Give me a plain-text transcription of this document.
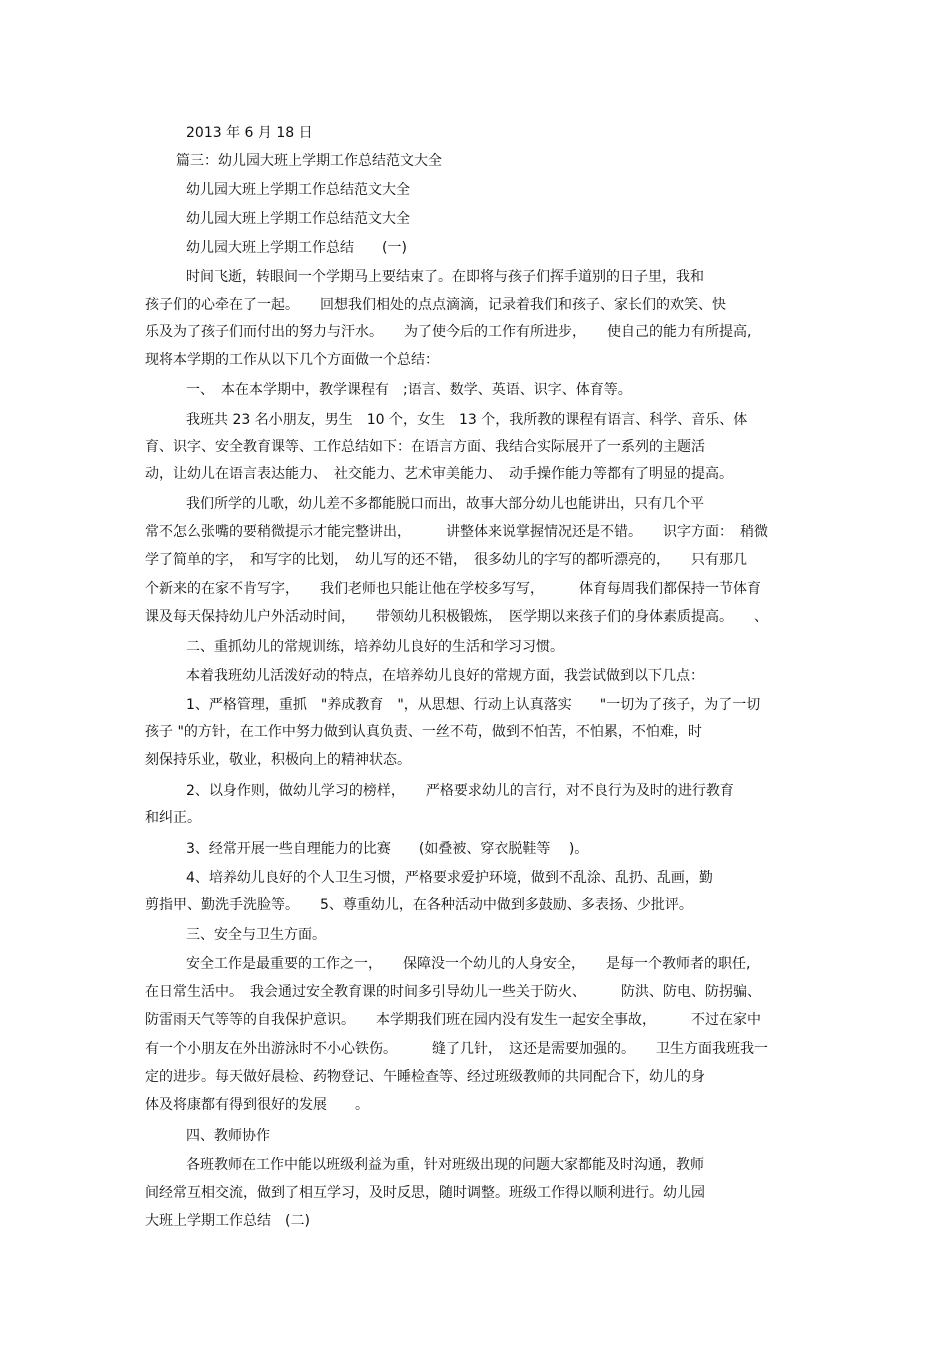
2013 年 6 月 18 日
篇三：幼儿园大班上学期工作总结范文大全
幼儿园大班上学期工作总结范文大全
幼儿园大班上学期工作总结范文大全
幼儿园大班上学期工作总结　　(一)
时间飞逝，转眼间一个学期马上要结束了。在即将与孩子们挥手道别的日子里，我和
孩子们的心牵在了一起。　　回想我们相处的点点滴滴，记录着我们和孩子、家长们的欢笑、快
乐及为了孩子们而付出的努力与汗水。　　为了使今后的工作有所进步，　　使自己的能力有所提高,
现将本学期的工作从以下几个方面做一个总结：
一、　本在本学期中，教学课程有　;语言、数学、英语、识字、体育等。
我班共 23 名小朋友，男生　10 个，女生　13 个，我所教的课程有语言、科学、音乐、体
育、识字、安全教育课等、工作总结如下：在语言方面、我结合实际展开了一系列的主题活
动，让幼儿在语言表达能力、　社交能力、艺术审美能力、　动手操作能力等都有了明显的提高。
我们所学的儿歌，幼儿差不多都能脱口而出，故事大部分幼儿也能讲出，只有几个平
常不怎么张嘴的要稍微提示才能完整讲出，　　　讲整体来说掌握情况还是不错。　　识字方面：　稍微
学了简单的字，　和写字的比划，　幼儿写的还不错，　很多幼儿的字写的都听漂亮的，　　只有那几
个新来的在家不肯写字，　　我们老师也只能让他在学校多写写，　　　体育每周我们都保持一节体育
课及每天保持幼儿户外活动时间，　　带领幼儿积极锻炼，　医学期以来孩子们的身体素质提高。　　、
二、重抓幼儿的常规训练，培养幼儿良好的生活和学习习惯。
本着我班幼儿活泼好动的特点，在培养幼儿良好的常规方面，我尝试做到以下几点：
1、严格管理，重抓　"养成教育　"，从思想、行动上认真落实　　"一切为了孩子，为了一切
孩子 "的方针，在工作中努力做到认真负责、一丝不苟，做到不怕苦，不怕累，不怕难，时
刻保持乐业，敬业，积极向上的精神状态。
2、以身作则，做幼儿学习的榜样，　　严格要求幼儿的言行，对不良行为及时的进行教育
和纠正。
3、经常开展一些自理能力的比赛　　(如叠被、穿衣脱鞋等　 )。
4、培养幼儿良好的个人卫生习惯，严格要求爱护环境，做到不乱涂、乱扔、乱画，勤
剪指甲、勤洗手洗脸等。　　5、尊重幼儿，在各种活动中做到多鼓励、多表扬、少批评。
三、安全与卫生方面。
安全工作是最重要的工作之一，　　保障没一个幼儿的人身安全，　　是每一个教师者的职任,
在日常生活中。　我会通过安全教育课的时间多引导幼儿一些关于防火、　　　防洪、防电、防拐骗、
防雷雨天气等等的自我保护意识。　　本学期我们班在园内没有发生一起安全事故，　　　不过在家中
有一个小朋友在外出游泳时不小心铁伤。　　　缝了几针，　这还是需要加强的。　　卫生方面我班我一
定的进步。每天做好晨检、药物登记、午睡检查等、经过班级教师的共同配合下，幼儿的身
体及将康都有得到很好的发展　　。
四、教师协作
各班教师在工作中能以班级利益为重，针对班级出现的问题大家都能及时沟通，教师
间经常互相交流，做到了相互学习，及时反思，随时调整。班级工作得以顺利进行。幼儿园
大班上学期工作总结　(二)
